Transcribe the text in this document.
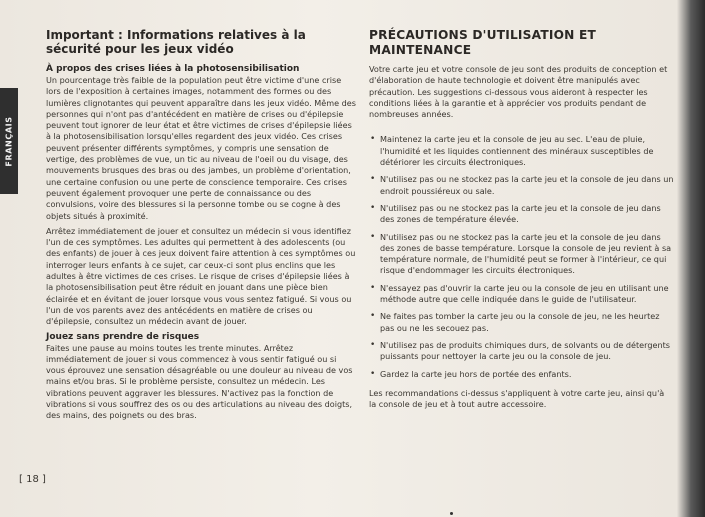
FRANÇAIS
Important : Informations relatives à la sécurité pour les jeux vidéo
À propos des crises liées à la photosensibilisation

Un pourcentage très faible de la population peut être victime d'une crise lors de l'exposition à certaines images, notamment des formes ou des lumières clignotantes qui peuvent apparaître dans les jeux vidéo. Même des personnes qui n'ont pas d'antécédent en matière de crises ou d'épilepsie peuvent tout ignorer de leur état et être victimes de crises d'épilepsie liées à la photosensibilisation lorsqu'elles regardent des jeux vidéo. Ces crises peuvent présenter différents symptômes, y compris une sensation de vertige, des problèmes de vue, un tic au niveau de l'oeil ou du visage, des mouvements brusques des bras ou des jambes, un problème d'orientation, une certaine confusion ou une perte de conscience temporaire. Ces crises peuvent également provoquer une perte de connaissance ou des convulsions, voire des blessures si la personne tombe ou se cogne à des objets situés à proximité.

Arrêtez immédiatement de jouer et consultez un médecin si vous identifiez l'un de ces symptômes. Les adultes qui permettent à des adolescents (ou des enfants) de jouer à ces jeux doivent faire attention à ces symptômes ou interroger leurs enfants à ce sujet, car ceux-ci sont plus enclins que les adultes à être victimes de ces crises. Le risque de crises d'épilepsie liées à la photosensibilisation peut être réduit en jouant dans une pièce bien éclairée et en évitant de jouer lorsque vous vous sentez fatigué. Si vous ou l'un de vos parents avez des antécédents en matière de crises ou d'épilepsie, consultez un médecin avant de jouer.

Jouez sans prendre de risques

Faites une pause au moins toutes les trente minutes. Arrêtez immédiatement de jouer si vous commencez à vous sentir fatigué ou si vous éprouvez une sensation désagréable ou une douleur au niveau de vos mains et/ou bras. Si le problème persiste, consultez un médecin. Les vibrations peuvent aggraver les blessures. N'activez pas la fonction de vibrations si vous souffrez des os ou des articulations au niveau des doigts, des mains, des poignets ou des bras.

[ 18 ]
PRÉCAUTIONS D'UTILISATION ET MAINTENANCE

Votre carte jeu et votre console de jeu sont des produits de conception et d'élaboration de haute technologie et doivent être manipulés avec précaution. Les suggestions ci-dessous vous aideront à respecter les conditions liées à la garantie et à apprécier vos produits pendant de nombreuses années.

• Maintenez la carte jeu et la console de jeu au sec. L'eau de pluie, l'humidité et les liquides contiennent des minéraux susceptibles de détériorer les circuits électroniques.
• N'utilisez pas ou ne stockez pas la carte jeu et la console de jeu dans un endroit poussiéreux ou sale.
• N'utilisez pas ou ne stockez pas la carte jeu et la console de jeu dans des zones de température élevée.
• N'utilisez pas ou ne stockez pas la carte jeu et la console de jeu dans des zones de basse température. Lorsque la console de jeu revient à sa température normale, de l'humidité peut se former à l'intérieur, ce qui risque d'endommager les circuits électroniques.
• N'essayez pas d'ouvrir la carte jeu ou la console de jeu en utilisant une méthode autre que celle indiquée dans le guide de l'utilisateur.
• Ne faites pas tomber la carte jeu ou la console de jeu, ne les heurtez pas ou ne les secouez pas.
• N'utilisez pas de produits chimiques durs, de solvants ou de détergents puissants pour nettoyer la carte jeu ou la console de jeu.
• Gardez la carte jeu hors de portée des enfants.

Les recommandations ci-dessus s'appliquent à votre carte jeu, ainsi qu'à la console de jeu et à tout autre accessoire.
